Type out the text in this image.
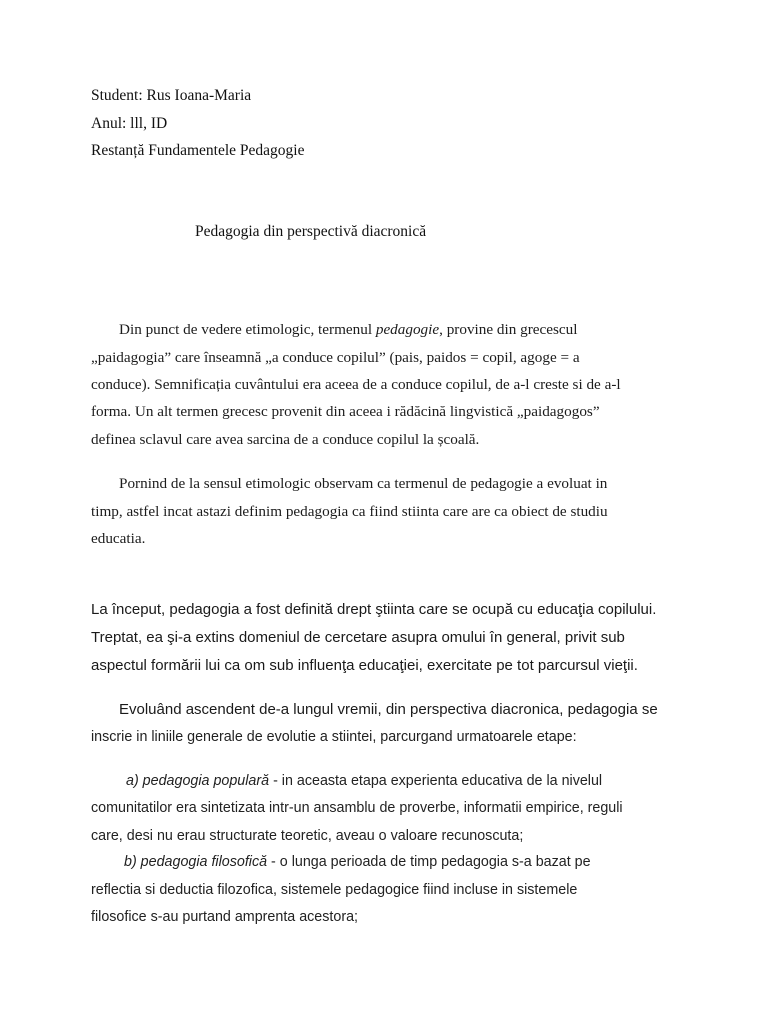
Student: Rus Ioana-Maria
Anul: lll, ID
Restanță Fundamentele Pedagogie
Pedagogia din perspectivă diacronică
Din punct de vedere etimologic, termenul pedagogie, provine din grecescul
„paidagogia” care înseamnă „a conduce copilul” (pais, paidos = copil, agoge = a
conduce). Semnificația cuvântului era aceea de a conduce copilul, de a-l creste si de a-l
forma. Un alt termen grecesc provenit din aceea i rădăcină lingvistică „paidagogos”
definea sclavul care avea sarcina de a conduce copilul la școală.
Pornind de la sensul etimologic observam ca termenul de pedagogie a evoluat in
timp, astfel incat astazi definim pedagogia ca fiind stiinta care are ca obiect de studiu
educatia.
La început, pedagogia a fost definită drept ştiinta care se ocupă cu educaţia copilului.
Treptat, ea şi-a extins domeniul de cercetare asupra omului în general, privit sub
aspectul formării lui ca om sub influenţa educaţiei, exercitate pe tot parcursul vieţii.
Evoluând ascendent de-a lungul vremii, din perspectiva diacronica, pedagogia se
inscrie in liniile generale de evolutie a stiintei, parcurgand urmatoarele etape:
a) pedagogia populară - in aceasta etapa experienta educativa de la nivelul
comunitatilor era sintetizata intr-un ansamblu de proverbe, informatii empirice, reguli
care, desi nu erau structurate teoretic, aveau o valoare recunoscuta;
b) pedagogia filosofică - o lunga perioada de timp pedagogia s-a bazat pe
reflectia si deductia filozofica, sistemele pedagogice fiind incluse in sistemele
filosofice s-au purtand amprenta acestora;
